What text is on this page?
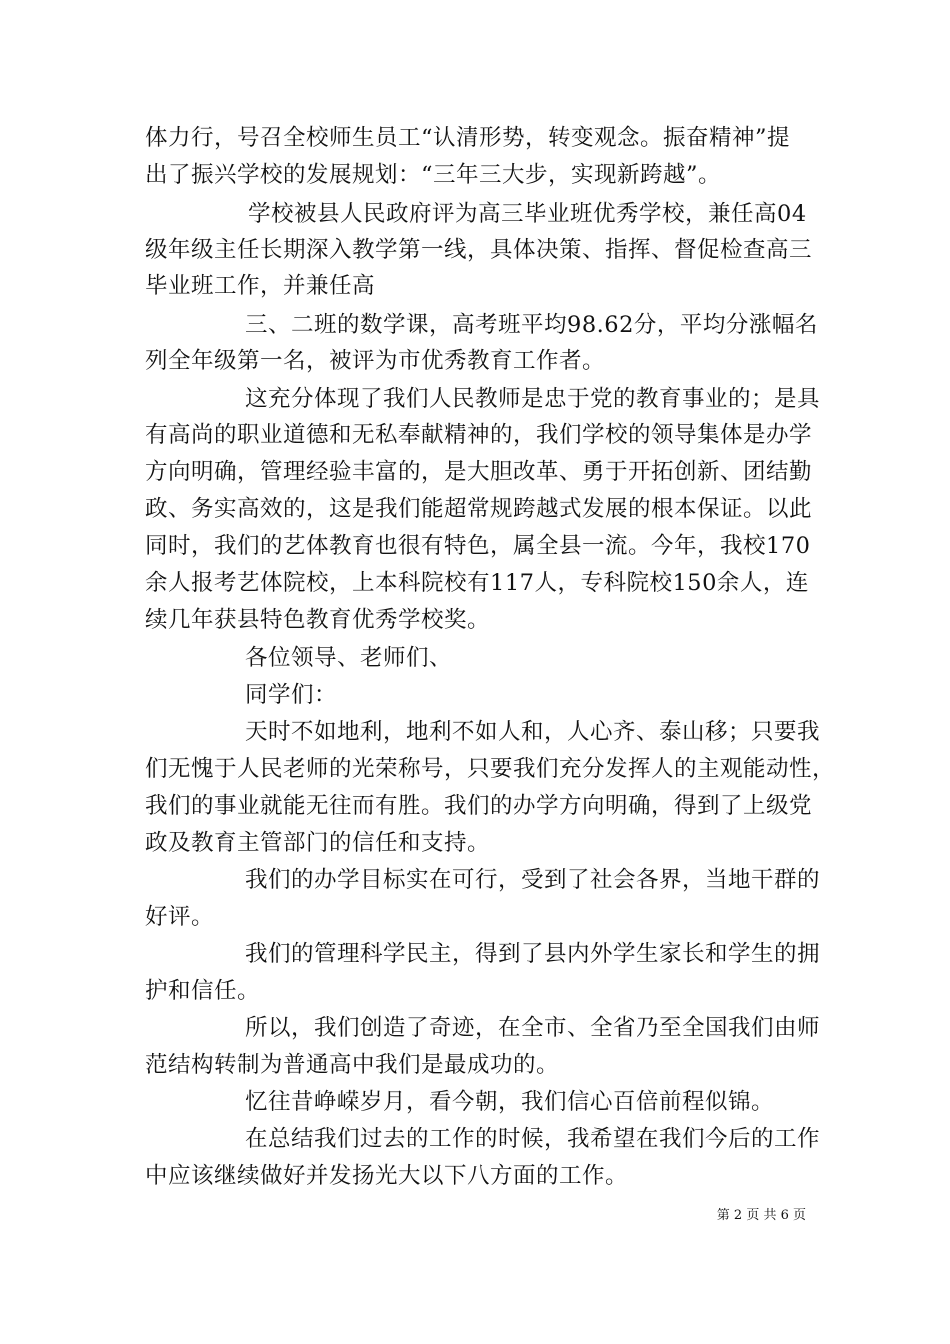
体力行，号召全校师生员工“认清形势，转变观念。振奋精神”提
出了振兴学校的发展规划：“三年三大步，实现新跨越”。
学校被县人民政府评为高三毕业班优秀学校，兼任高04
级年级主任长期深入教学第一线，具体决策、指挥、督促检查高三
毕业班工作，并兼任高
三、二班的数学课，高考班平均98.62分，平均分涨幅名
列全年级第一名，被评为市优秀教育工作者。
这充分体现了我们人民教师是忠于党的教育事业的；是具
有高尚的职业道德和无私奉献精神的，我们学校的领导集体是办学
方向明确，管理经验丰富的，是大胆改革、勇于开拓创新、团结勤
政、务实高效的，这是我们能超常规跨越式发展的根本保证。以此
同时，我们的艺体教育也很有特色，属全县一流。今年，我校170
余人报考艺体院校，上本科院校有117人，专科院校150余人，连
续几年获县特色教育优秀学校奖。
各位领导、老师们、
同学们：
天时不如地利，地利不如人和，人心齐、泰山移；只要我
们无愧于人民老师的光荣称号，只要我们充分发挥人的主观能动性，
我们的事业就能无往而有胜。我们的办学方向明确，得到了上级党
政及教育主管部门的信任和支持。
我们的办学目标实在可行，受到了社会各界，当地干群的
好评。
我们的管理科学民主，得到了县内外学生家长和学生的拥
护和信任。
所以，我们创造了奇迹，在全市、全省乃至全国我们由师
范结构转制为普通高中我们是最成功的。
忆往昔峥嵘岁月，看今朝，我们信心百倍前程似锦。
在总结我们过去的工作的时候，我希望在我们今后的工作
中应该继续做好并发扬光大以下八方面的工作。
第 2 页 共 6 页
